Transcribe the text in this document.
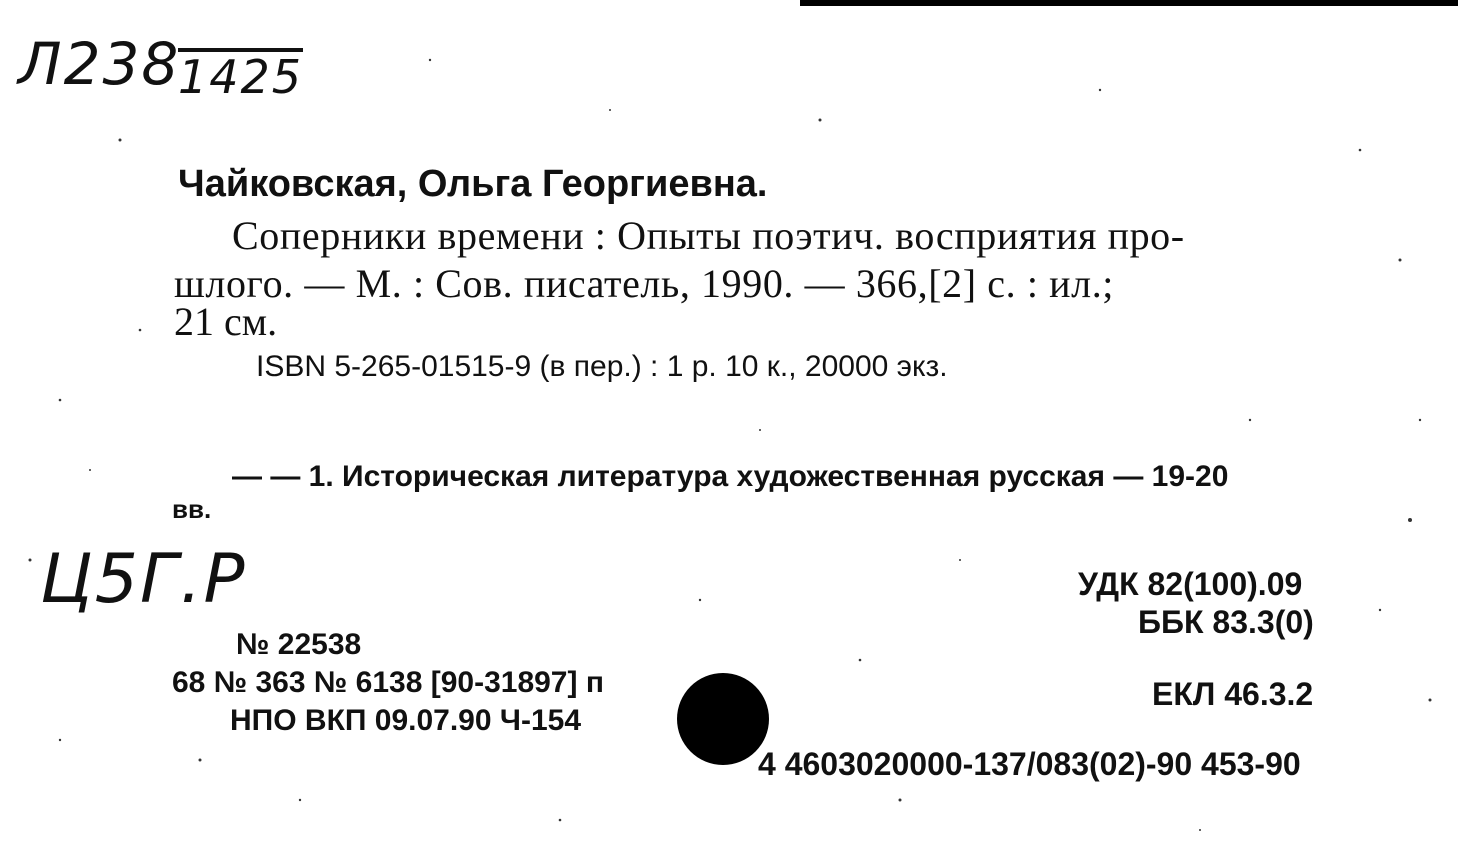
Л238
1425
Чайковская, Ольга Георгиевна.
Соперники времени : Опыты поэтич. восприятия про-
шлого. — М. : Сов. писатель, 1990. — 366,[2] с. : ил.;
21 см.
ISBN 5-265-01515-9 (в пер.) : 1 р. 10 к., 20000 экз.
— — 1. Историческая литература художественная русская — 19-20
вв.
Ц5Г.Р	УДК 82(100).09
ББК 83.3(0)
ЕКЛ 46.3.2
№ 22538
68 № 363 № 6138 [90-31897] п
НПО ВКП 09.07.90 Ч-154
4 4603020000-137/083(02)-90 453-90
